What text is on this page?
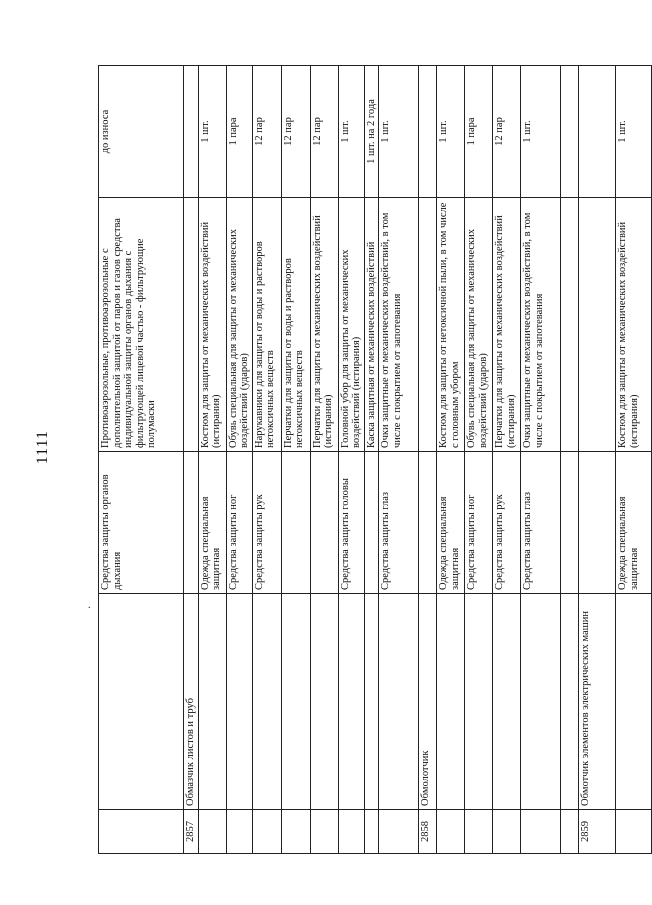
1111
.
		Средства защиты органов дыхания	Противоаэрозольные, противоаэрозольные с дополнительной защитой от паров и газов средства индивидуальной защиты органов дыхания с фильтрующей лицевой частью - фильтрующие полумаски	до износа
2857	Обмазчик листов и труб			
		Одежда специальная защитная	Костюм для защиты от механических воздействий (истирания)	1 шт.
		Средства защиты ног	Обувь специальная для защиты от механических воздействий (ударов)	1 пара
		Средства защиты рук	Нарукавники для защиты от воды и растворов нетоксичных веществ	12 пар
			Перчатки для защиты от воды и растворов нетоксичных веществ	12 пар
			Перчатки для защиты от механических воздействий (истирания)	12 пар
		Средства защиты головы	Головной убор для защиты от механических воздействий (истирания)	1 шт.
			Каска защитная от механических воздействий	1 шт. на 2 года
		Средства защиты глаз	Очки защитные от механических воздействий, в том числе с покрытием от запотевания	1 шт.
2858	Обмолотчик			
		Одежда специальная защитная	Костюм для защиты от нетоксичной пыли, в том числе с головным убором	1 шт.
		Средства защиты ног	Обувь специальная для защиты от механических воздействий (ударов)	1 пара
		Средства защиты рук	Перчатки для защиты от механических воздействий (истирания)	12 пар
		Средства защиты глаз	Очки защитные от механических воздействий, в том числе с покрытием от запотевания	1 шт.

2859	Обмотчик элементов электрических машин			
		Одежда специальная защитная	Костюм для защиты от механических воздействий (истирания)	1 шт.
